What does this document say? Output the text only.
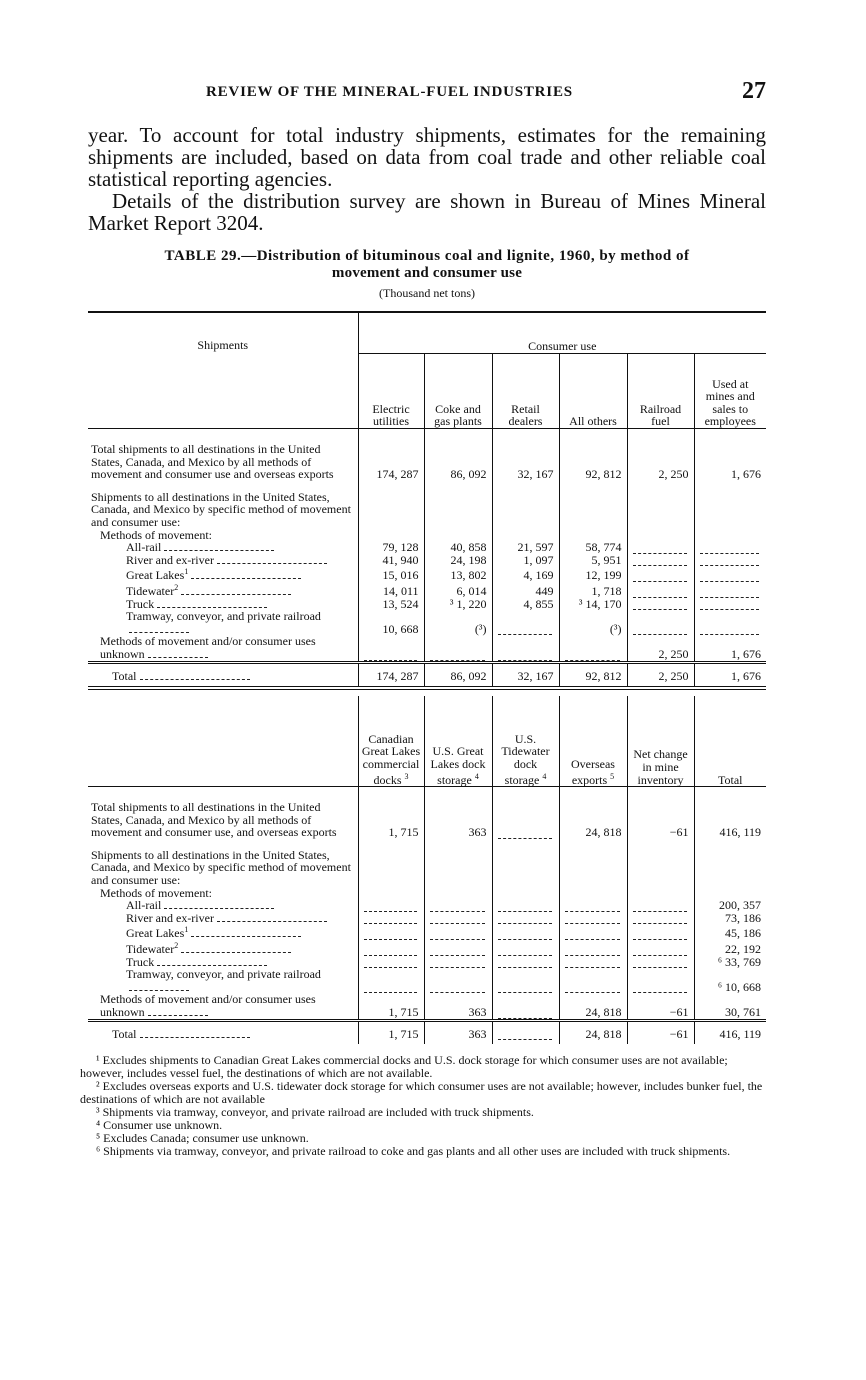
REVIEW OF THE MINERAL-FUEL INDUSTRIES	27

year. To account for total industry shipments, estimates for the remaining shipments are included, based on data from coal trade and other reliable coal statistical reporting agencies.

Details of the distribution survey are shown in Bureau of Mines Mineral Market Report 3204.

TABLE 29.—Distribution of bituminous coal and lignite, 1960, by method of
movement and consumer use
(Thousand net tons)
Shipments	Consumer use					
	Electric utilities	Coke and gas plants	Retail dealers	All others	Railroad fuel	Used at mines and sales to employees
Total shipments to all destinations in the United States, Canada, and Mexico by all methods of movement and consumer use and overseas exports	174, 287	86, 092	32, 167	92, 812	2, 250	1, 676
Shipments to all destinations in the United States, Canada, and Mexico by specific method of movement and consumer use:						
Methods of movement:						
All-rail	79, 128	40, 858	21, 597	58, 774	

River and ex-river	41, 940	24, 198	1, 097	5, 951	

Great Lakes$^1$	15, 016	13, 802	4, 169	12, 199	

Tidewater$^2$	14, 011	6, 014	449	1, 718	

Truck	13, 524	³ 1, 220	4, 855	³ 14, 170	

Tramway, conveyor, and private railroad	10, 668	(³)		(³)	

Methods of movement and/or consumer uses unknown					2, 250	1, 676
Total	174, 287	86, 092	32, 167	92, 812	2, 250	1, 676

	Canadian Great Lakes commercial docks $^3$	U.S. Great Lakes dock storage $^4$	U.S. Tidewater dock storage $^4$	Overseas exports $^5$	Net change in mine inventory	Total
Total shipments to all destinations in the United States, Canada, and Mexico by all methods of movement and consumer use, and overseas exports	1, 715	363		24, 818	−61	416, 119
Shipments to all destinations in the United States, Canada, and Mexico by specific method of movement and consumer use:						
Methods of movement:						
All-rail						200, 357
River and ex-river						73, 186
Great Lakes$^1$						45, 186
Tidewater$^2$						22, 192
Truck						⁶ 33, 769
Tramway, conveyor, and private railroad						⁶ 10, 668
Methods of movement and/or consumer uses unknown	1, 715	363		24, 818	−61	30, 761
Total	1, 715	363		24, 818	−61	416, 119

¹ Excludes shipments to Canadian Great Lakes commercial docks and U.S. dock storage for which consumer uses are not available; however, includes vessel fuel, the destinations of which are not available.

² Excludes overseas exports and U.S. tidewater dock storage for which consumer uses are not available; however, includes bunker fuel, the destinations of which are not available

³ Shipments via tramway, conveyor, and private railroad are included with truck shipments.

⁴ Consumer use unknown.

⁵ Excludes Canada; consumer use unknown.

⁶ Shipments via tramway, conveyor, and private railroad to coke and gas plants and all other uses are included with truck shipments.
